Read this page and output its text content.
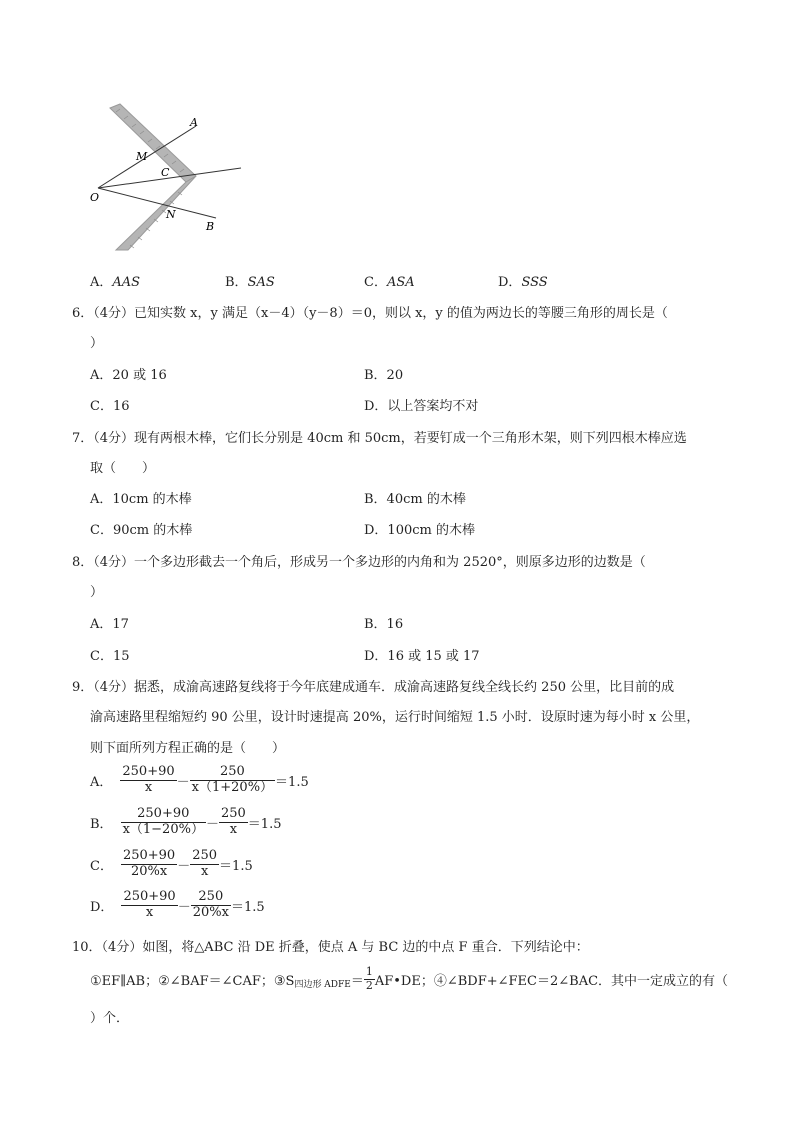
A
M
C
O
N
B
A．AAS	B．SAS	C．ASA	D．SSS
6．（4分）已知实数 x，y 满足（x－4）（y－8）＝0，则以 x，y 的值为两边长的等腰三角形的周长是（
）
A．20 或 16	B．20
C．16	D．以上答案均不对
7．（4分）现有两根木棒，它们长分别是 40cm 和 50cm，若要钉成一个三角形木架，则下列四根木棒应选
取（　　）
A．10cm 的木棒	B．40cm 的木棒
C．90cm 的木棒	D．100cm 的木棒
8．（4分）一个多边形截去一个角后，形成另一个多边形的内角和为 2520°，则原多边形的边数是（
）
A．17	B．16
C．15	D．16 或 15 或 17
9．（4分）据悉，成渝高速路复线将于今年底建成通车．成渝高速路复线全线长约 250 公里，比目前的成
渝高速路里程缩短约 90 公里，设计时速提高 20%，运行时间缩短 1.5 小时．设原时速为每小时 x 公里，
则下面所列方程正确的是（　　）
A． $\frac{250+90}{x} - \frac{250}{x(1+20\%)} =1.5$
B． $\frac{250+90}{x(1-20\%)} - \frac{250}{x} =1.5$
C． $\frac{250+90}{20\%x} - \frac{250}{x} =1.5$
D． $\frac{250+90}{x} - \frac{250}{20\%x} =1.5$
10．（4分）如图，将△ABC 沿 DE 折叠，使点 A 与 BC 边的中点 F 重合．下列结论中：
①EF∥AB；②∠BAF＝∠CAF；③S 四边形 ADFE ＝ $\frac{1}{2}$ AF•DE；④∠BDF+∠FEC＝2∠BAC．其中一定成立的有（
）个．
